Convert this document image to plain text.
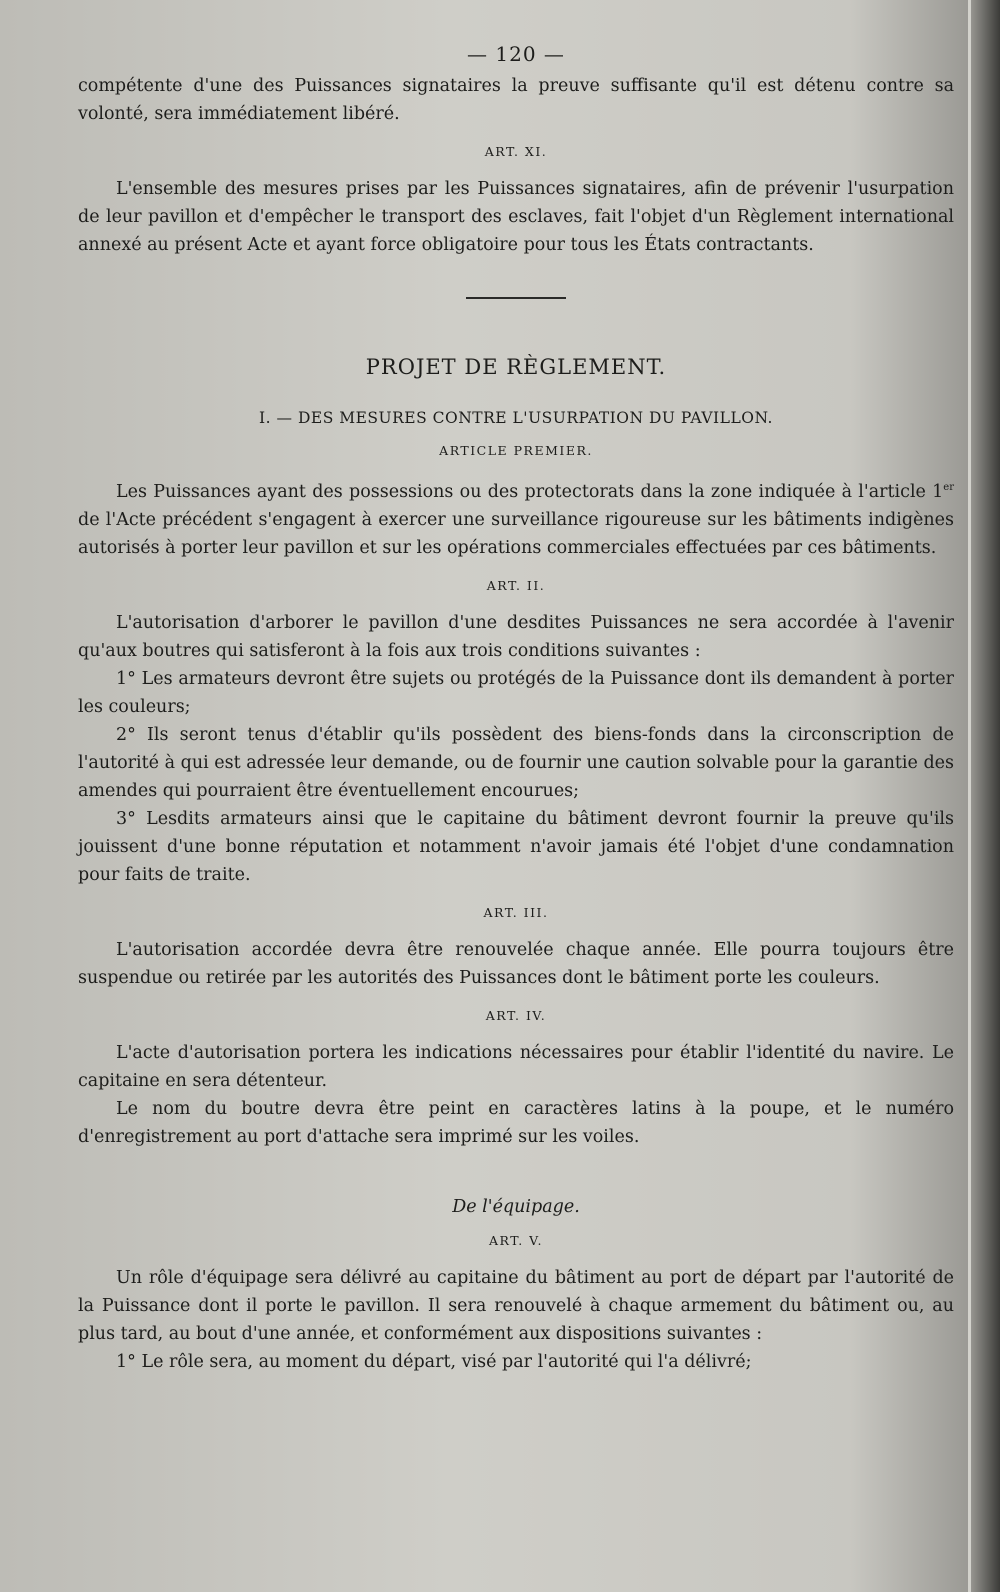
— 120 —

compétente d'une des Puissances signataires la preuve suffisante qu'il est détenu contre sa volonté, sera immédiatement libéré.

ART. XI.

L'ensemble des mesures prises par les Puissances signataires, afin de prévenir l'usurpation de leur pavillon et d'empêcher le transport des esclaves, fait l'objet d'un Règlement international annexé au présent Acte et ayant force obligatoire pour tous les États contractants.

PROJET DE RÈGLEMENT.
I. — DES MESURES CONTRE L'USURPATION DU PAVILLON.
ARTICLE PREMIER.

Les Puissances ayant des possessions ou des protectorats dans la zone indiquée à l'article 1er de l'Acte précédent s'engagent à exercer une surveillance rigoureuse sur les bâtiments indigènes autorisés à porter leur pavillon et sur les opérations commerciales effectuées par ces bâtiments.

ART. II.

L'autorisation d'arborer le pavillon d'une desdites Puissances ne sera accordée à l'avenir qu'aux boutres qui satisferont à la fois aux trois conditions suivantes :

1° Les armateurs devront être sujets ou protégés de la Puissance dont ils demandent à porter les couleurs;

2° Ils seront tenus d'établir qu'ils possèdent des biens-fonds dans la circonscription de l'autorité à qui est adressée leur demande, ou de fournir une caution solvable pour la garantie des amendes qui pourraient être éventuellement encourues;

3° Lesdits armateurs ainsi que le capitaine du bâtiment devront fournir la preuve qu'ils jouissent d'une bonne réputation et notamment n'avoir jamais été l'objet d'une condamnation pour faits de traite.

ART. III.

L'autorisation accordée devra être renouvelée chaque année. Elle pourra toujours être suspendue ou retirée par les autorités des Puissances dont le bâtiment porte les couleurs.

ART. IV.

L'acte d'autorisation portera les indications nécessaires pour établir l'identité du navire. Le capitaine en sera détenteur.

Le nom du boutre devra être peint en caractères latins à la poupe, et le numéro d'enregistrement au port d'attache sera imprimé sur les voiles.

De l'équipage.
ART. V.

Un rôle d'équipage sera délivré au capitaine du bâtiment au port de départ par l'autorité de la Puissance dont il porte le pavillon. Il sera renouvelé à chaque armement du bâtiment ou, au plus tard, au bout d'une année, et conformément aux dispositions suivantes :

1° Le rôle sera, au moment du départ, visé par l'autorité qui l'a délivré;
